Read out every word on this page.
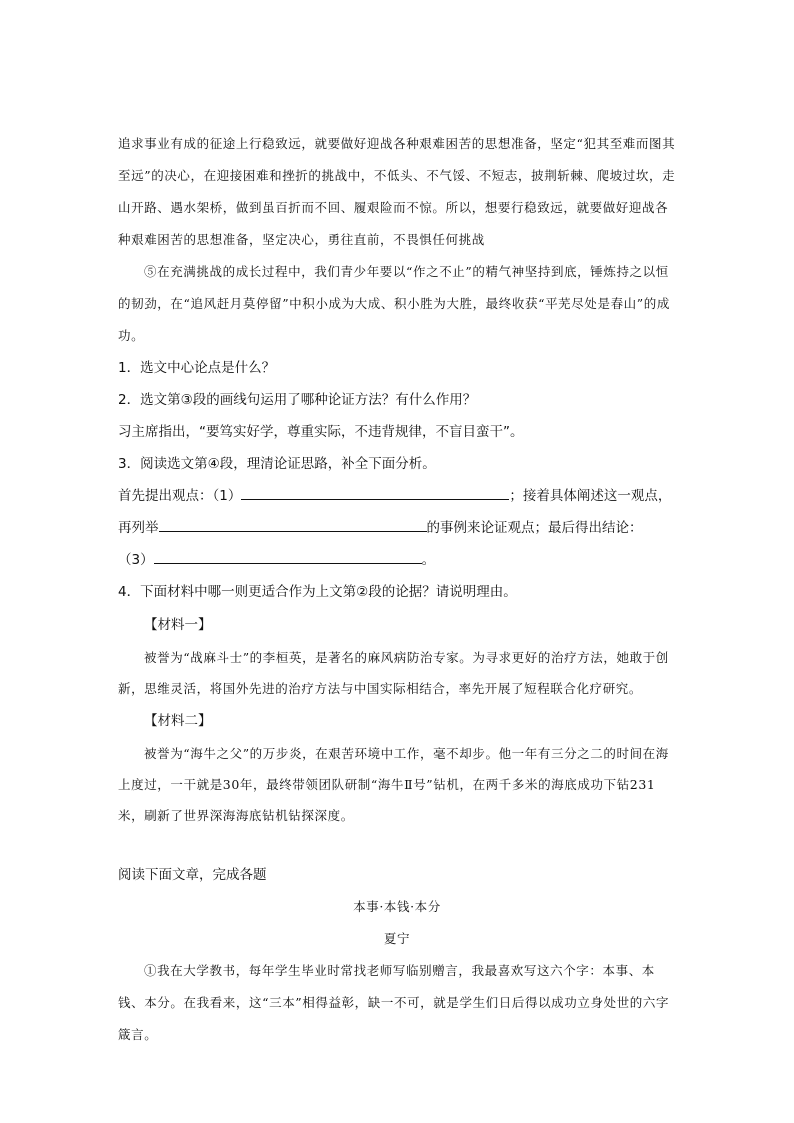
追求事业有成的征途上行稳致远，就要做好迎战各种艰难困苦的思想准备，坚定“犯其至难而图其至远”的决心，在迎接困难和挫折的挑战中，不低头、不气馁、不短志，披荆斩棘、爬坡过坎，走山开路、遇水架桥，做到虽百折而不回、履艰险而不惊。所以，想要行稳致远，就要做好迎战各种艰难困苦的思想准备，坚定决心，勇往直前，不畏惧任何挑战

⑤在充满挑战的成长过程中，我们青少年要以“作之不止”的精气神坚持到底，锤炼持之以恒的韧劲，在“追风赶月莫停留”中积小成为大成、积小胜为大胜，最终收获“平芜尽处是春山”的成功。

1．选文中心论点是什么？

2．选文第③段的画线句运用了哪种论证方法？有什么作用？

习主席指出，“要笃实好学，尊重实际，不违背规律，不盲目蛮干”。

3．阅读选文第④段，理清论证思路，补全下面分析。

首先提出观点：（1）	；接着具体阐述这一观点，

再列举	的事例来论证观点；最后得出结论：

（3）	。

4．下面材料中哪一则更适合作为上文第②段的论据？请说明理由。

【材料一】

被誉为“战麻斗士”的李桓英，是著名的麻风病防治专家。为寻求更好的治疗方法，她敢于创新，思维灵活，将国外先进的治疗方法与中国实际相结合，率先开展了短程联合化疗研究。

【材料二】

被誉为“海牛之父”的万步炎，在艰苦环境中工作，毫不却步。他一年有三分之二的时间在海上度过，一干就是30年，最终带领团队研制“海牛Ⅱ号”钻机，在两千多米的海底成功下钻231米，刷新了世界深海海底钻机钻探深度。

阅读下面文章，完成各题

本事·本钱·本分

夏宁

①我在大学教书，每年学生毕业时常找老师写临别赠言，我最喜欢写这六个字：本事、本钱、本分。在我看来，这“三本”相得益彰，缺一不可，就是学生们日后得以成功立身处世的六字箴言。
